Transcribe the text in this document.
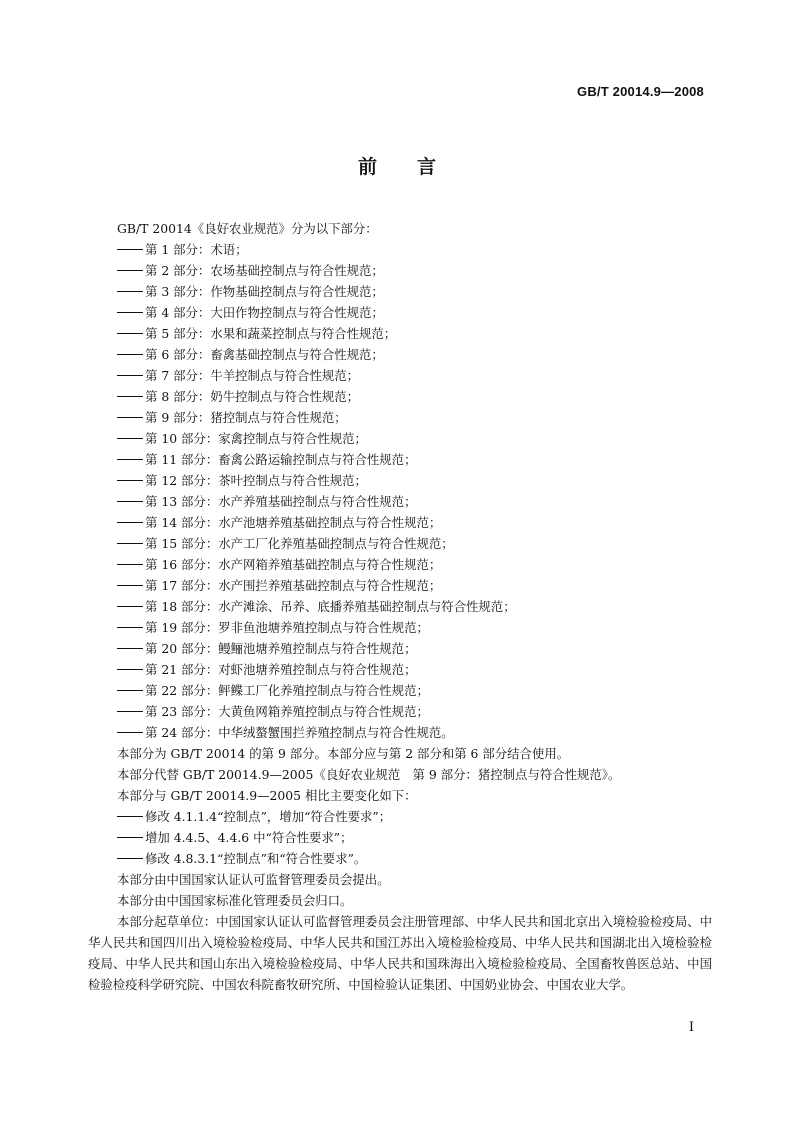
GB/T 20014.9—2008
前言

GB/T 20014《良好农业规范》分为以下部分：

第 1 部分：术语；

第 2 部分：农场基础控制点与符合性规范；

第 3 部分：作物基础控制点与符合性规范；

第 4 部分：大田作物控制点与符合性规范；

第 5 部分：水果和蔬菜控制点与符合性规范；

第 6 部分：畜禽基础控制点与符合性规范；

第 7 部分：牛羊控制点与符合性规范；

第 8 部分：奶牛控制点与符合性规范；

第 9 部分：猪控制点与符合性规范；

第 10 部分：家禽控制点与符合性规范；

第 11 部分：畜禽公路运输控制点与符合性规范；

第 12 部分：茶叶控制点与符合性规范；

第 13 部分：水产养殖基础控制点与符合性规范；

第 14 部分：水产池塘养殖基础控制点与符合性规范；

第 15 部分：水产工厂化养殖基础控制点与符合性规范；

第 16 部分：水产网箱养殖基础控制点与符合性规范；

第 17 部分：水产围拦养殖基础控制点与符合性规范；

第 18 部分：水产滩涂、吊养、底播养殖基础控制点与符合性规范；

第 19 部分：罗非鱼池塘养殖控制点与符合性规范；

第 20 部分：鳗鲡池塘养殖控制点与符合性规范；

第 21 部分：对虾池塘养殖控制点与符合性规范；

第 22 部分：鲆鲽工厂化养殖控制点与符合性规范；

第 23 部分：大黄鱼网箱养殖控制点与符合性规范；

第 24 部分：中华绒螯蟹围拦养殖控制点与符合性规范。

本部分为 GB/T 20014 的第 9 部分。本部分应与第 2 部分和第 6 部分结合使用。

本部分代替 GB/T 20014.9—2005《良好农业规范　第 9 部分：猪控制点与符合性规范》。

本部分与 GB/T 20014.9—2005 相比主要变化如下：

修改 4.1.1.4“控制点”，增加“符合性要求”；

增加 4.4.5、4.4.6 中“符合性要求”；

修改 4.8.3.1“控制点”和“符合性要求”。

本部分由中国国家认证认可监督管理委员会提出。

本部分由中国国家标准化管理委员会归口。

本部分起草单位：中国国家认证认可监督管理委员会注册管理部、中华人民共和国北京出入境检验检疫局、中华人民共和国四川出入境检验检疫局、中华人民共和国江苏出入境检验检疫局、中华人民共和国湖北出入境检验检疫局、中华人民共和国山东出入境检验检疫局、中华人民共和国珠海出入境检验检疫局、全国畜牧兽医总站、中国检验检疫科学研究院、中国农科院畜牧研究所、中国检验认证集团、中国奶业协会、中国农业大学。

I
